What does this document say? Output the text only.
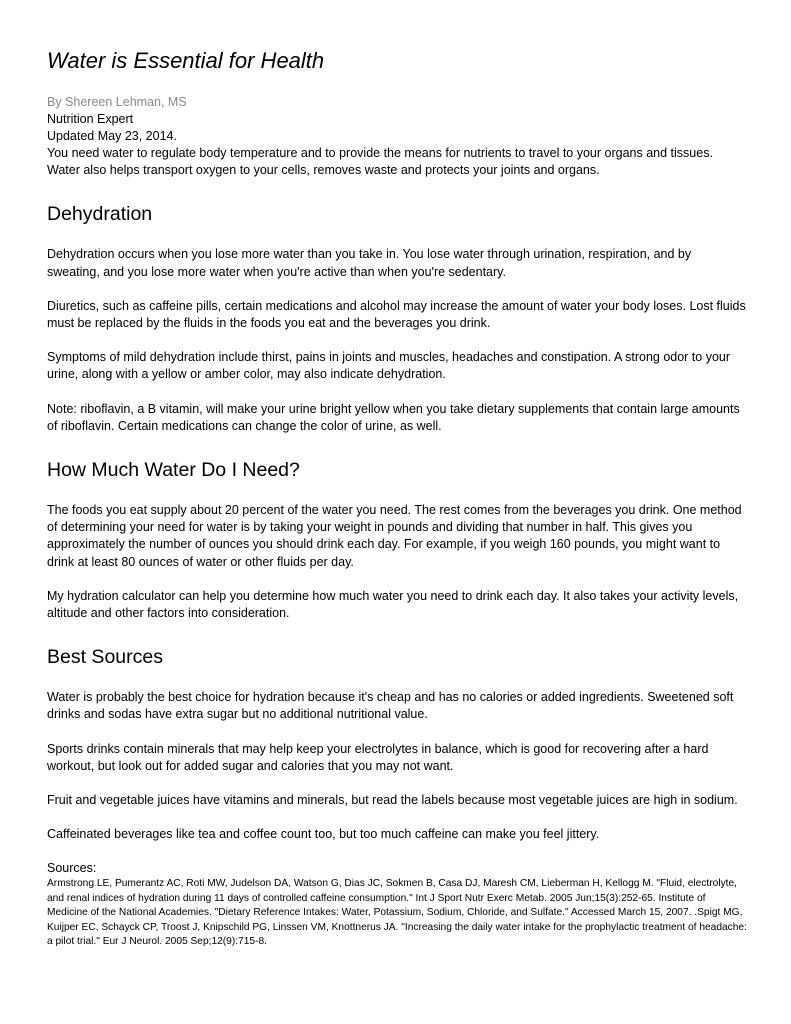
Water is Essential for Health

By Shereen Lehman, MS

Nutrition Expert

Updated May 23, 2014.

You need water to regulate body temperature and to provide the means for nutrients to travel to your organs and tissues. Water also helps transport oxygen to your cells, removes waste and protects your joints and organs.

Dehydration

Dehydration occurs when you lose more water than you take in. You lose water through urination, respiration, and by sweating, and you lose more water when you're active than when you're sedentary.

Diuretics, such as caffeine pills, certain medications and alcohol may increase the amount of water your body loses. Lost fluids must be replaced by the fluids in the foods you eat and the beverages you drink.

Symptoms of mild dehydration include thirst, pains in joints and muscles, headaches and constipation. A strong odor to your urine, along with a yellow or amber color, may also indicate dehydration.

Note: riboflavin, a B vitamin, will make your urine bright yellow when you take dietary supplements that contain large amounts of riboflavin. Certain medications can change the color of urine, as well.

How Much Water Do I Need?

The foods you eat supply about 20 percent of the water you need. The rest comes from the beverages you drink. One method of determining your need for water is by taking your weight in pounds and dividing that number in half. This gives you approximately the number of ounces you should drink each day. For example, if you weigh 160 pounds, you might want to drink at least 80 ounces of water or other fluids per day.

My hydration calculator can help you determine how much water you need to drink each day. It also takes your activity levels, altitude and other factors into consideration.

Best Sources

Water is probably the best choice for hydration because it's cheap and has no calories or added ingredients. Sweetened soft drinks and sodas have extra sugar but no additional nutritional value.

Sports drinks contain minerals that may help keep your electrolytes in balance, which is good for recovering after a hard workout, but look out for added sugar and calories that you may not want.

Fruit and vegetable juices have vitamins and minerals, but read the labels because most vegetable juices are high in sodium.

Caffeinated beverages like tea and coffee count too, but too much caffeine can make you feel jittery.

Sources:

Armstrong LE, Pumerantz AC, Roti MW, Judelson DA, Watson G, Dias JC, Sokmen B, Casa DJ, Maresh CM, Lieberman H, Kellogg M. "Fluid, electrolyte, and renal indices of hydration during 11 days of controlled caffeine consumption." Int J Sport Nutr Exerc Metab. 2005 Jun;15(3):252-65. Institute of Medicine of the National Academies. "Dietary Reference Intakes: Water, Potassium, Sodium, Chloride, and Sulfate." Accessed March 15, 2007. .Spigt MG, Kuijper EC, Schayck CP, Troost J, Knipschild PG, Linssen VM, Knottnerus JA. "Increasing the daily water intake for the prophylactic treatment of headache: a pilot trial." Eur J Neurol. 2005 Sep;12(9):715-8.
